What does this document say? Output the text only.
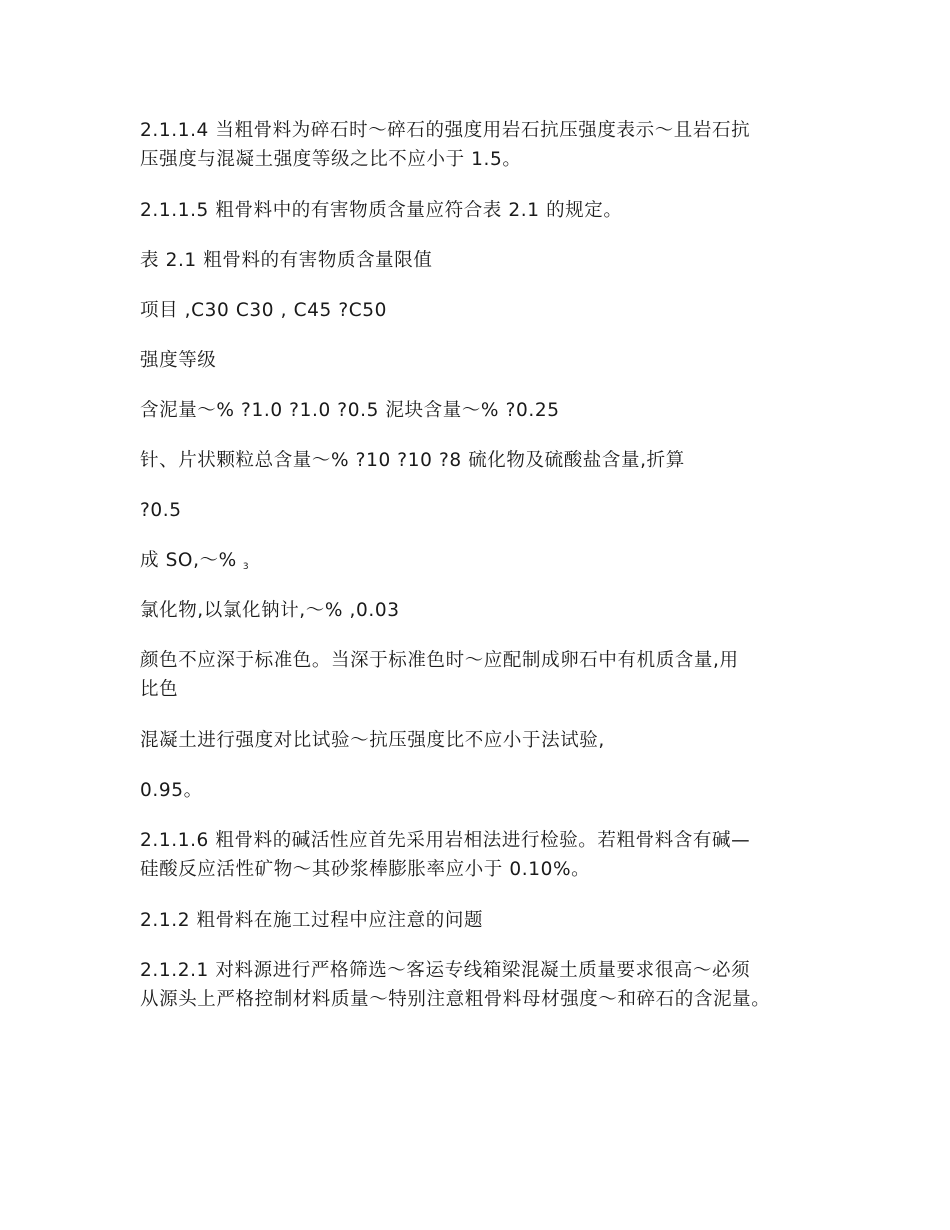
2.1.1.4 当粗骨料为碎石时～碎石的强度用岩石抗压强度表示～且岩石抗
压强度与混凝土强度等级之比不应小于 1.5。

2.1.1.5 粗骨料中的有害物质含量应符合表 2.1 的规定。

表 2.1 粗骨料的有害物质含量限值

项目 ,C30 C30 , C45 ?C50

强度等级

含泥量～% ?1.0 ?1.0 ?0.5 泥块含量～% ?0.25

针、片状颗粒总含量～% ?10 ?10 ?8 硫化物及硫酸盐含量,折算

?0.5

成 SO,～% $_3$

氯化物,以氯化钠计,～% ,0.03

颜色不应深于标准色。当深于标准色时～应配制成卵石中有机质含量,用
比色

混凝土进行强度对比试验～抗压强度比不应小于法试验,

0.95。

2.1.1.6 粗骨料的碱活性应首先采用岩相法进行检验。若粗骨料含有碱—
硅酸反应活性矿物～其砂浆棒膨胀率应小于 0.10%。

2.1.2 粗骨料在施工过程中应注意的问题

2.1.2.1 对料源进行严格筛选～客运专线箱梁混凝土质量要求很高～必须
从源头上严格控制材料质量～特别注意粗骨料母材强度～和碎石的含泥量。
